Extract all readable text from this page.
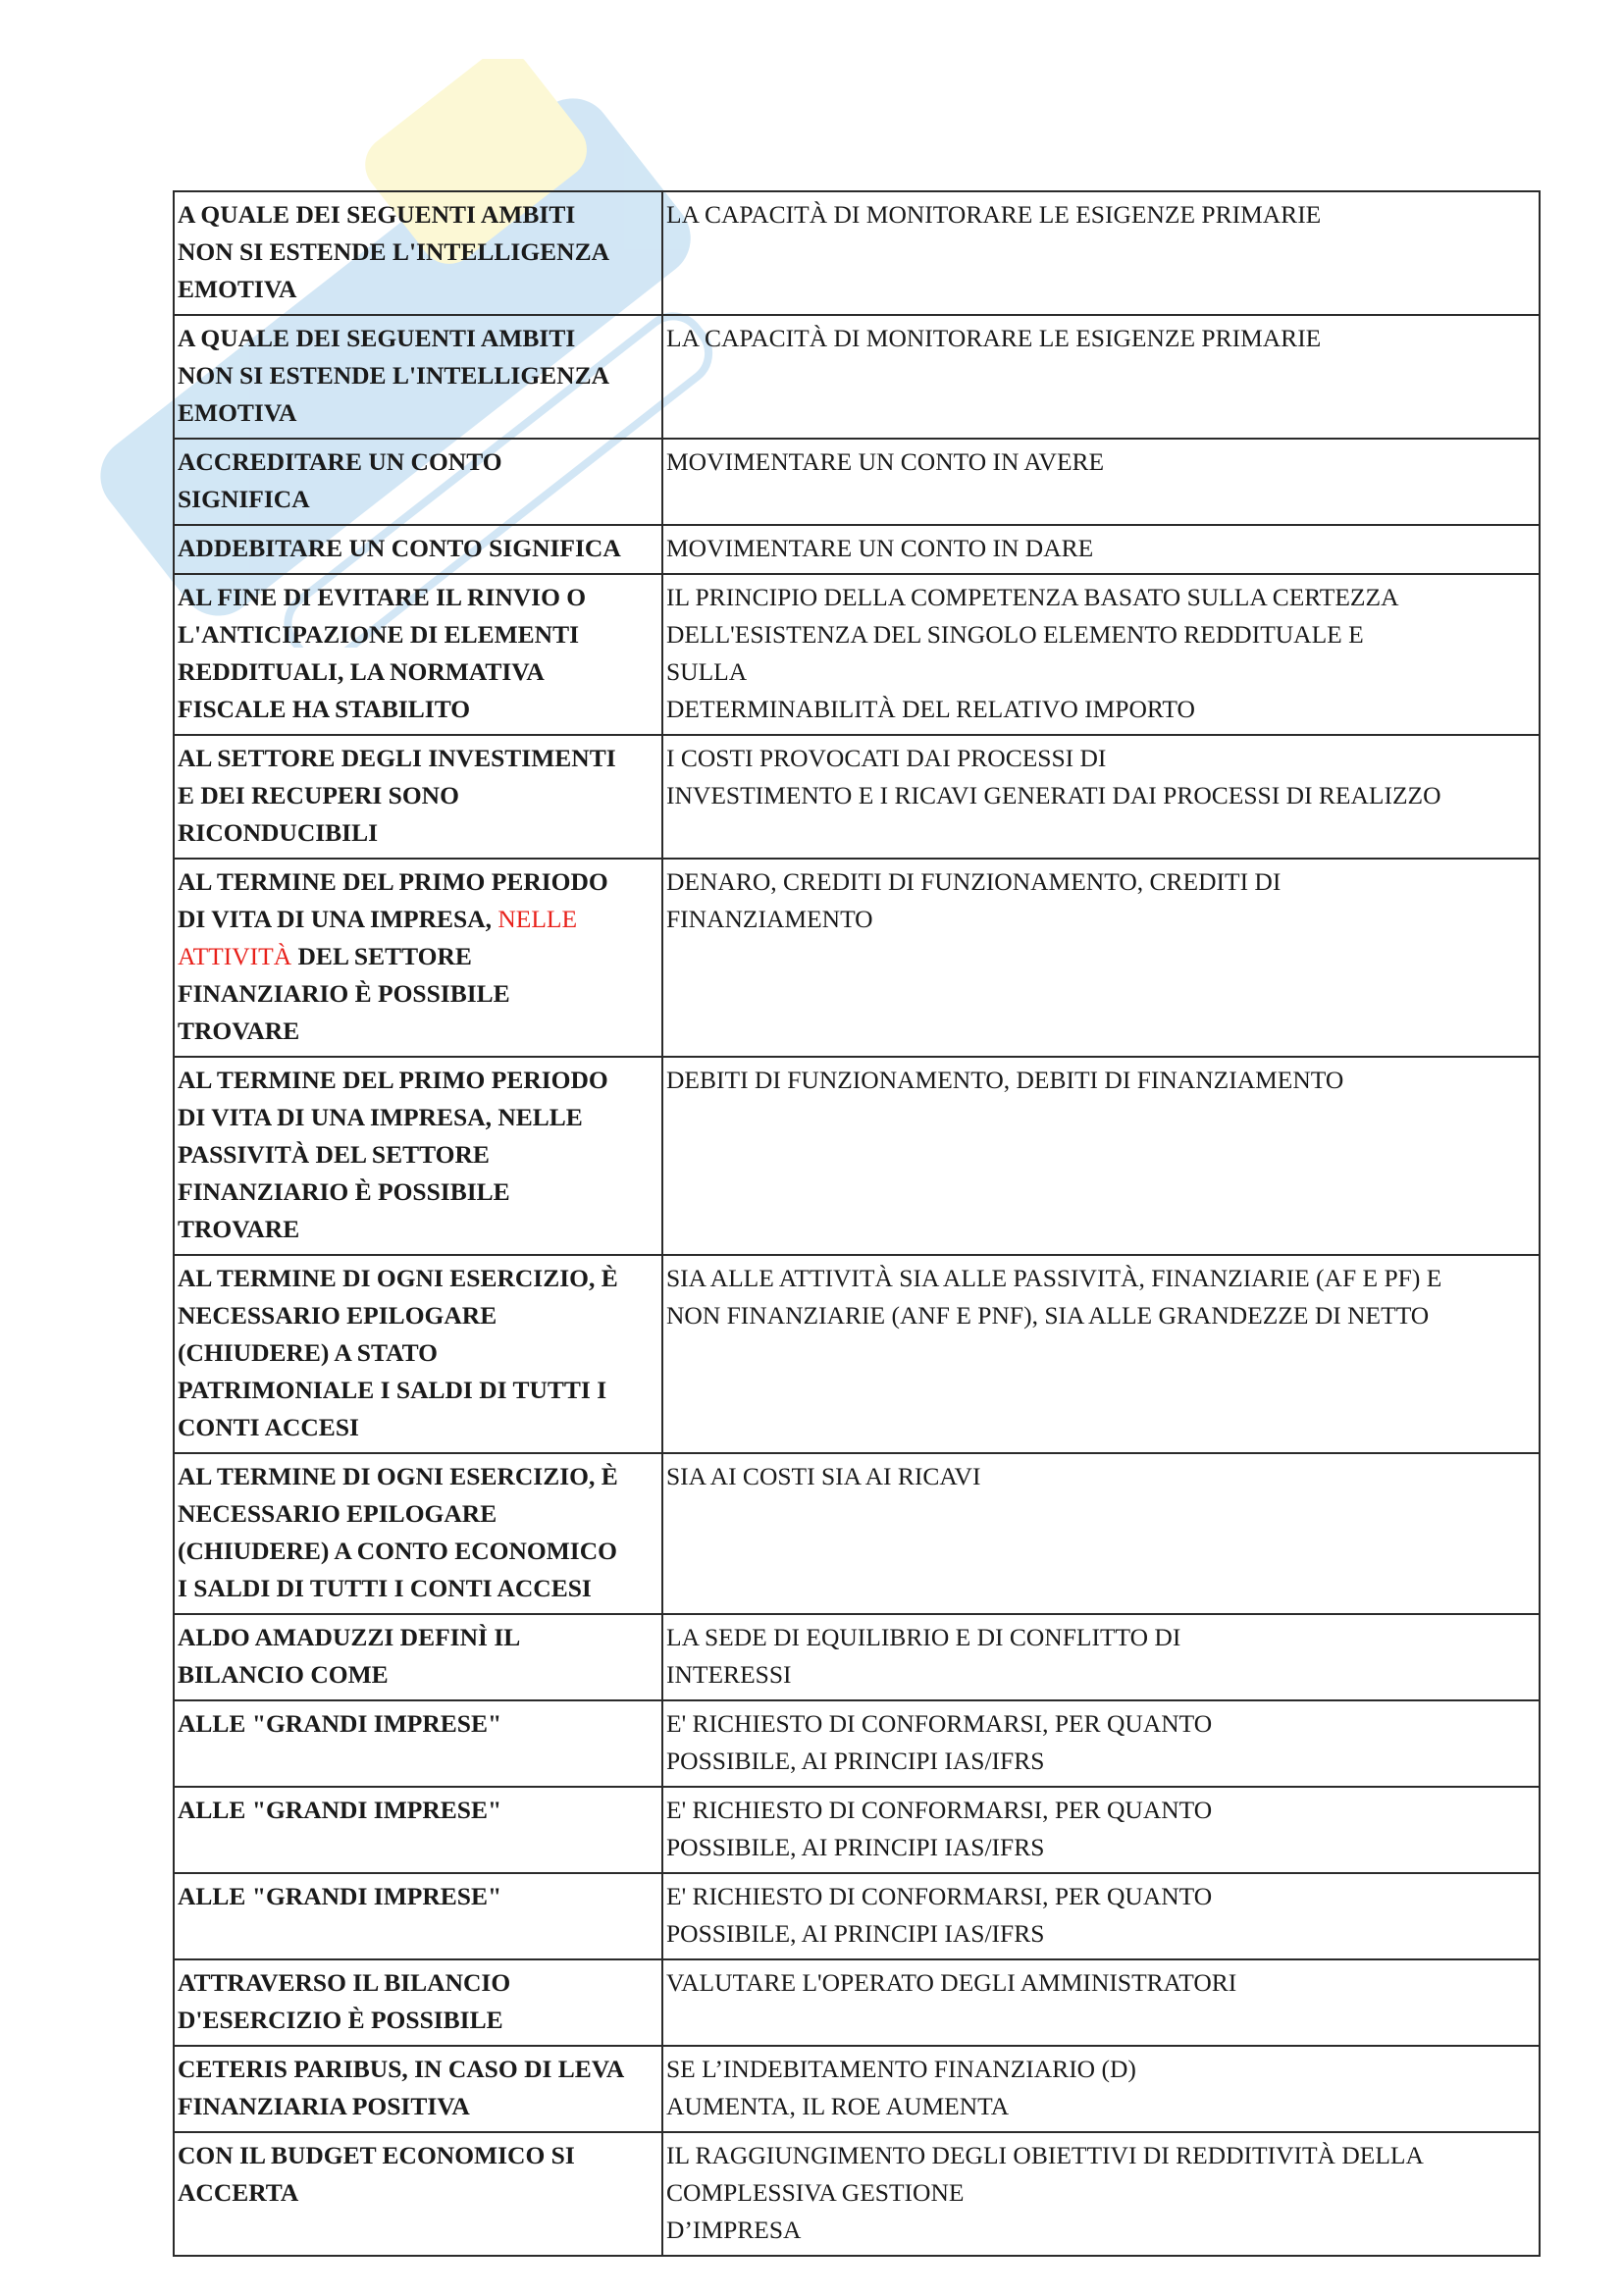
A QUALE DEI SEGUENTI AMBITI
NON SI ESTENDE L'INTELLIGENZA
EMOTIVA	LA CAPACITÀ DI MONITORARE LE ESIGENZE PRIMARIE

A QUALE DEI SEGUENTI AMBITI
NON SI ESTENDE L'INTELLIGENZA
EMOTIVA	LA CAPACITÀ DI MONITORARE LE ESIGENZE PRIMARIE

ACCREDITARE UN CONTO
SIGNIFICA	MOVIMENTARE UN CONTO IN AVERE

ADDEBITARE UN CONTO SIGNIFICA	MOVIMENTARE UN CONTO IN DARE

AL FINE DI EVITARE IL RINVIO O
L'ANTICIPAZIONE DI ELEMENTI
REDDITUALI, LA NORMATIVA
FISCALE HA STABILITO	IL PRINCIPIO DELLA COMPETENZA BASATO SULLA CERTEZZA
DELL'ESISTENZA DEL SINGOLO ELEMENTO REDDITUALE E
SULLA
DETERMINABILITÀ DEL RELATIVO IMPORTO

AL SETTORE DEGLI INVESTIMENTI
E DEI RECUPERI SONO
RICONDUCIBILI	I COSTI PROVOCATI DAI PROCESSI DI
INVESTIMENTO E I RICAVI GENERATI DAI PROCESSI DI REALIZZO

AL TERMINE DEL PRIMO PERIODO
DI VITA DI UNA IMPRESA, NELLE
ATTIVITÀ DEL SETTORE
FINANZIARIO È POSSIBILE
TROVARE	DENARO, CREDITI DI FUNZIONAMENTO, CREDITI DI
FINANZIAMENTO

AL TERMINE DEL PRIMO PERIODO
DI VITA DI UNA IMPRESA, NELLE
PASSIVITÀ DEL SETTORE
FINANZIARIO È POSSIBILE
TROVARE	DEBITI DI FUNZIONAMENTO, DEBITI DI FINANZIAMENTO

AL TERMINE DI OGNI ESERCIZIO, È
NECESSARIO EPILOGARE
(CHIUDERE) A STATO
PATRIMONIALE I SALDI DI TUTTI I
CONTI ACCESI	SIA ALLE ATTIVITÀ SIA ALLE PASSIVITÀ, FINANZIARIE (AF E PF) E
NON FINANZIARIE (ANF E PNF), SIA ALLE GRANDEZZE DI NETTO

AL TERMINE DI OGNI ESERCIZIO, È
NECESSARIO EPILOGARE
(CHIUDERE) A CONTO ECONOMICO
I SALDI DI TUTTI I CONTI ACCESI	SIA AI COSTI SIA AI RICAVI

ALDO AMADUZZI DEFINÌ IL
BILANCIO COME	LA SEDE DI EQUILIBRIO E DI CONFLITTO DI
INTERESSI

ALLE "GRANDI IMPRESE"	E' RICHIESTO DI CONFORMARSI, PER QUANTO
POSSIBILE, AI PRINCIPI IAS/IFRS

ALLE "GRANDI IMPRESE"	E' RICHIESTO DI CONFORMARSI, PER QUANTO
POSSIBILE, AI PRINCIPI IAS/IFRS

ALLE "GRANDI IMPRESE"	E' RICHIESTO DI CONFORMARSI, PER QUANTO
POSSIBILE, AI PRINCIPI IAS/IFRS

ATTRAVERSO IL BILANCIO
D'ESERCIZIO È POSSIBILE	VALUTARE L'OPERATO DEGLI AMMINISTRATORI

CETERIS PARIBUS, IN CASO DI LEVA
FINANZIARIA POSITIVA	SE L’INDEBITAMENTO FINANZIARIO (D)
AUMENTA, IL ROE AUMENTA

CON IL BUDGET ECONOMICO SI
ACCERTA	IL RAGGIUNGIMENTO DEGLI OBIETTIVI DI REDDITIVITÀ DELLA
COMPLESSIVA GESTIONE
D’IMPRESA
